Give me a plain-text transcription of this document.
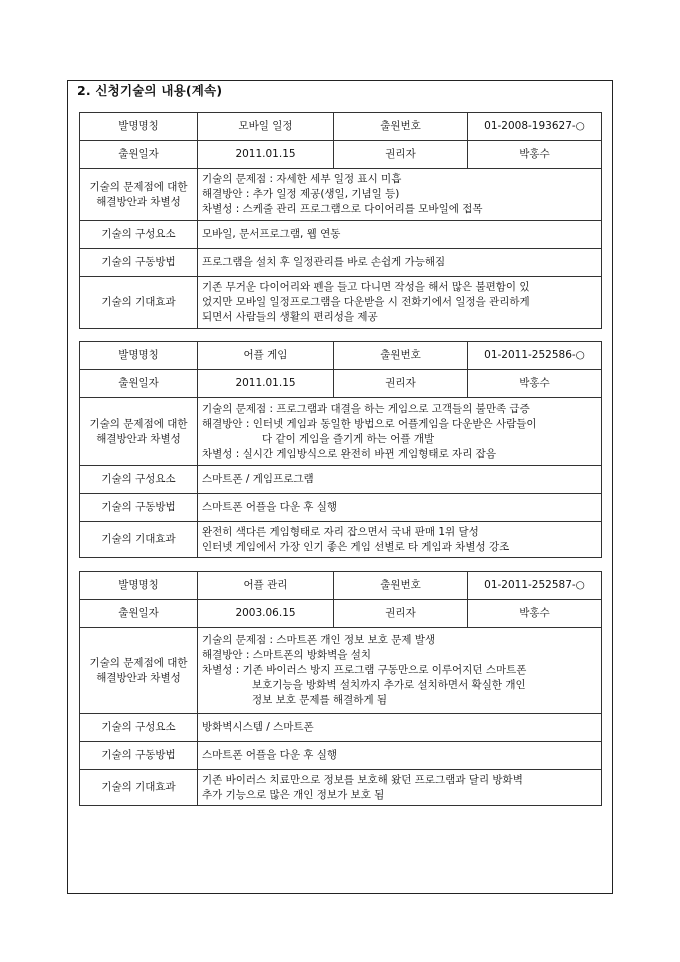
2. 신청기술의 내용(계속)
발명명칭	모바일 일정	출원번호	01-2008-193627-○
출원일자	2011.01.15	권리자	박홍수

기술의 문제점에 대한
해결방안과 차별성	기술의 문제점 : 자세한 세부 일정 표시 미흡
해결방안 : 추가 일정 제공(생일, 기념일 등)
차별성 : 스케줄 관리 프로그램으로 다이어리를 모바일에 접목		

기술의 구성요소	모바일, 문서프로그램, 웹 연동		
기술의 구동방법	프로그램을 설치 후 일정관리를 바로 손쉽게 가능해짐		
기술의 기대효과	기존 무거운 다이어리와 펜을 들고 다니면 작성을 해서 많은 불편함이 있
었지만 모바일 일정프로그램을 다운받을 시 전화기에서 일정을 관리하게
되면서 사람들의 생활의 편리성을 제공		
발명명칭	어플 게임	출원번호	01-2011-252586-○
출원일자	2011.01.15	권리자	박홍수

기술의 문제점에 대한
해결방안과 차별성	기술의 문제점 : 프로그램과 대결을 하는 게임으로 고객들의 불만족 급증
해결방안 : 인터넷 게임과 동일한 방법으로 어플게임을 다운받은 사람들이
다 같이 게임을 즐기게 하는 어플 개발
차별성 : 실시간 게임방식으로 완전히 바뀐 게임형태로 자리 잡음		

기술의 구성요소	스마트폰 / 게임프로그램		
기술의 구동방법	스마트폰 어플을 다운 후 실행		
기술의 기대효과	완전히 색다른 게임형태로 자리 잡으면서 국내 판매 1위 달성
인터넷 게임에서 가장 인기 좋은 게임 선별로 타 게임과 차별성 강조		
발명명칭	어플 관리	출원번호	01-2011-252587-○
출원일자	2003.06.15	권리자	박홍수

기술의 문제점에 대한
해결방안과 차별성	기술의 문제점 : 스마트폰 개인 정보 보호 문제 발생
해결방안 : 스마트폰의 방화벽을 설치
차별성 : 기존 바이러스 방지 프로그램 구동만으로 이루어지던 스마트폰
보호기능을 방화벽 설치까지 추가로 설치하면서 확실한 개인
정보 보호 문제를 해결하게 됨		

기술의 구성요소	방화벽시스템 / 스마트폰		
기술의 구동방법	스마트폰 어플을 다운 후 실행		
기술의 기대효과	기존 바이러스 치료만으로 정보를 보호해 왔던 프로그램과 달리 방화벽
추가 기능으로 많은 개인 정보가 보호 됨		
